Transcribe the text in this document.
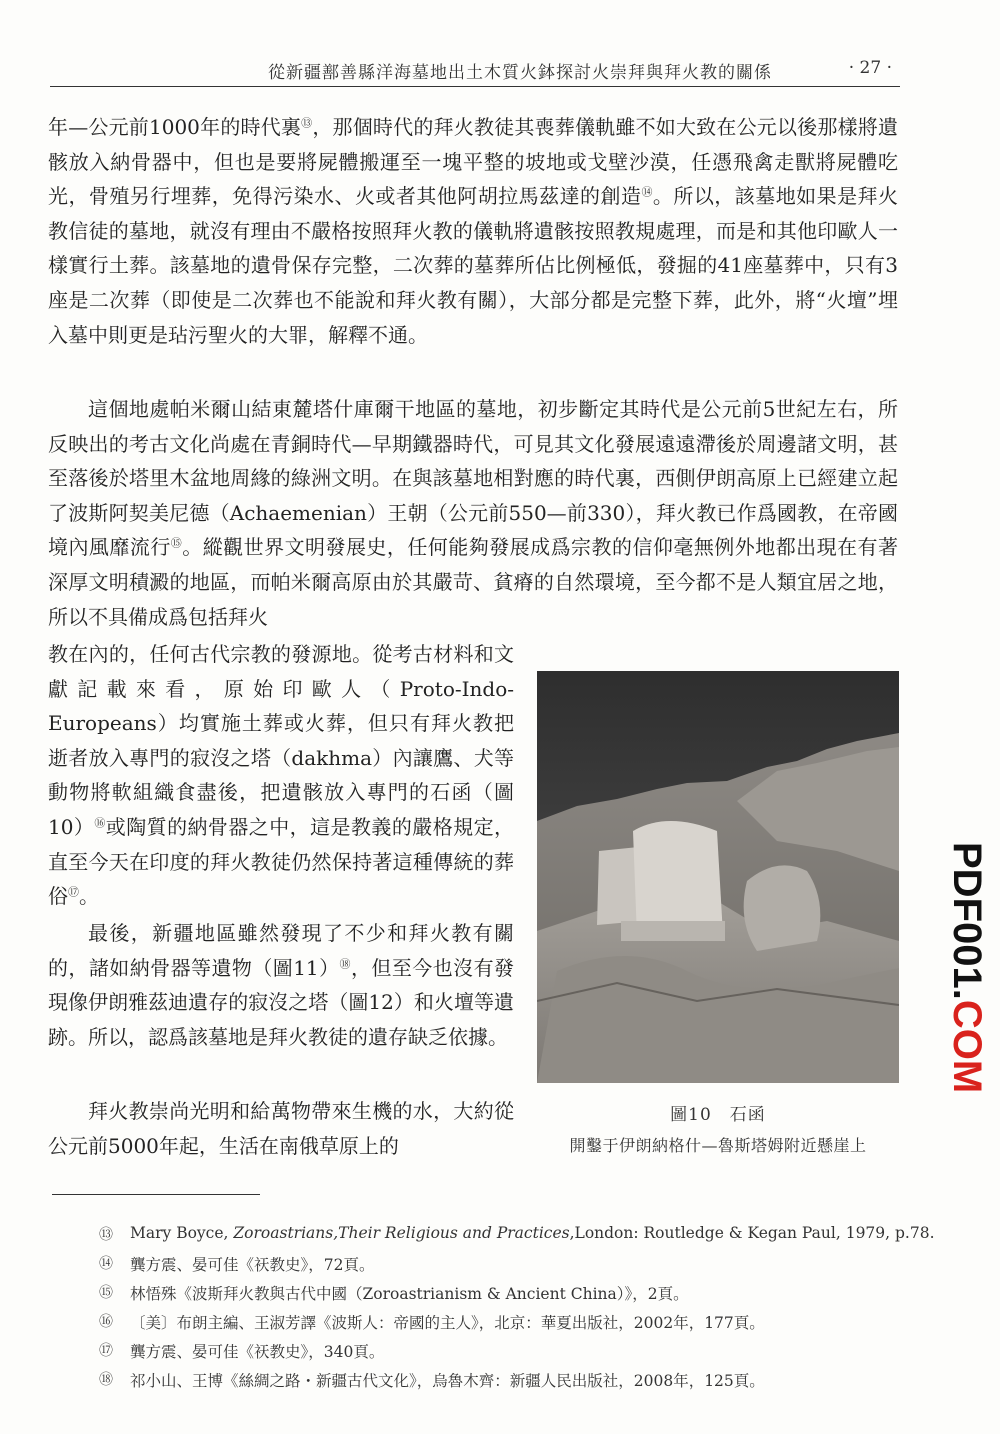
從新疆鄯善縣洋海墓地出土木質火鉢探討火崇拜與拜火教的關係	· 27 ·

年—公元前1000年的時代裏⑬，那個時代的拜火教徒其喪葬儀軌雖不如大致在公元以後那樣將遺骸放入納骨器中，但也是要將屍體搬運至一塊平整的坡地或戈壁沙漠，任憑飛禽走獸將屍體吃光，骨殖另行埋葬，免得污染水、火或者其他阿胡拉馬茲達的創造⑭。所以，該墓地如果是拜火教信徒的墓地，就沒有理由不嚴格按照拜火教的儀軌將遺骸按照教規處理，而是和其他印歐人一樣實行土葬。該墓地的遺骨保存完整，二次葬的墓葬所佔比例極低，發掘的41座墓葬中，只有3座是二次葬（即使是二次葬也不能說和拜火教有關），大部分都是完整下葬，此外，將“火壇”埋入墓中則更是玷污聖火的大罪，解釋不通。

這個地處帕米爾山結東麓塔什庫爾干地區的墓地，初步斷定其時代是公元前5世紀左右，所反映出的考古文化尚處在青銅時代—早期鐵器時代，可見其文化發展遠遠滯後於周邊諸文明，甚至落後於塔里木盆地周緣的綠洲文明。在與該墓地相對應的時代裏，西側伊朗高原上已經建立起了波斯阿契美尼德（Achaemenian）王朝（公元前550—前330），拜火教已作爲國教，在帝國境內風靡流行⑮。縱觀世界文明發展史，任何能夠發展成爲宗教的信仰毫無例外地都出現在有著深厚文明積澱的地區，而帕米爾高原由於其嚴苛、貧瘠的自然環境，至今都不是人類宜居之地，所以不具備成爲包括拜火

教在內的，任何古代宗教的發源地。從考古材料和文獻記載來看，原始印歐人（Proto-Indo-Europeans）均實施土葬或火葬，但只有拜火教把逝者放入專門的寂沒之塔（dakhma）內讓鷹、犬等動物將軟組織食盡後，把遺骸放入專門的石函（圖10）⑯或陶質的納骨器之中，這是教義的嚴格規定，直至今天在印度的拜火教徒仍然保持著這種傳統的葬俗⑰。

最後，新疆地區雖然發現了不少和拜火教有關的，諸如納骨器等遺物（圖11）⑱，但至今也沒有發現像伊朗雅茲迪遺存的寂沒之塔（圖12）和火壇等遺跡。所以，認爲該墓地是拜火教徒的遺存缺乏依據。

拜火教崇尚光明和給萬物帶來生機的水，大約從公元前5000年起，生活在南俄草原上的

圖10　石函
開鑿于伊朗納格什—魯斯塔姆附近懸崖上
PDF001.COM
⑬ Mary Boyce, Zoroastrians,Their Religious and Practices,London: Routledge & Kegan Paul, 1979, p.78.
⑭ 龔方震、晏可佳《祆教史》，72頁。
⑮ 林悟殊《波斯拜火教與古代中國（Zoroastrianism & Ancient China）》，2頁。
⑯ 〔美〕布朗主編、王淑芳譯《波斯人：帝國的主人》，北京：華夏出版社，2002年，177頁。
⑰ 龔方震、晏可佳《祆教史》，340頁。
⑱ 祁小山、王博《絲綢之路・新疆古代文化》，烏魯木齊：新疆人民出版社，2008年，125頁。
